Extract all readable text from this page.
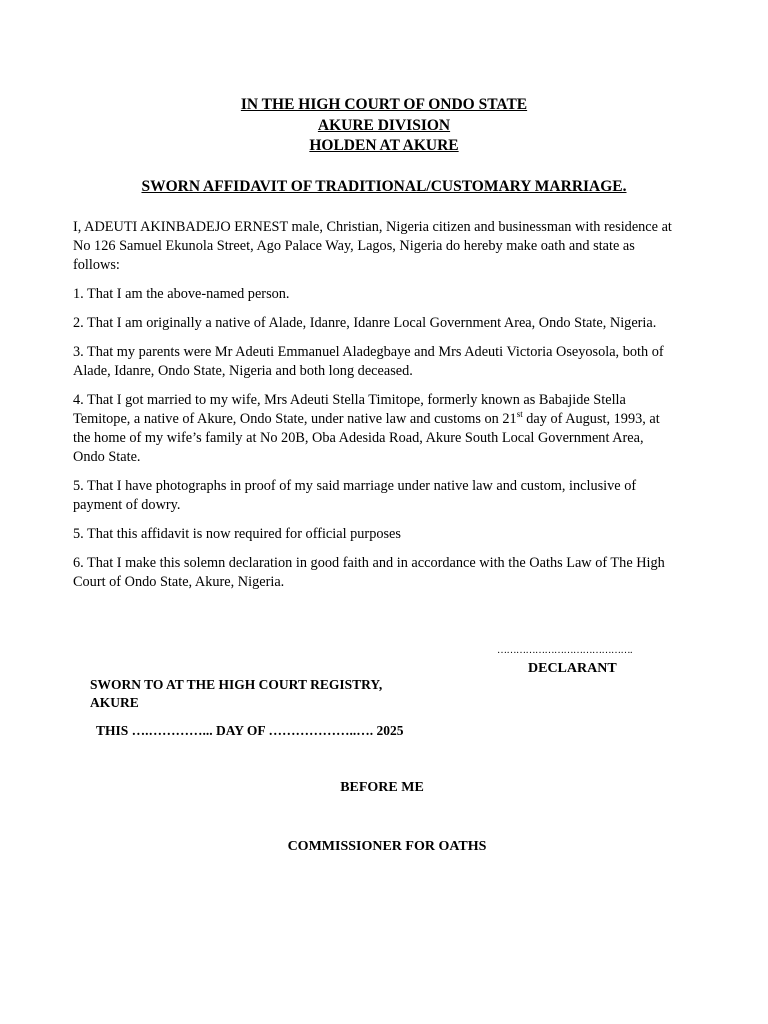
IN THE HIGH COURT OF ONDO STATE
AKURE DIVISION
HOLDEN AT AKURE
SWORN AFFIDAVIT OF TRADITIONAL/CUSTOMARY MARRIAGE.

I, ADEUTI AKINBADEJO ERNEST male, Christian, Nigeria citizen and businessman with residence at No 126 Samuel Ekunola Street, Ago Palace Way, Lagos, Nigeria do hereby make oath and state as follows:

1. That I am the above-named person.

2. That I am originally a native of Alade, Idanre, Idanre Local Government Area, Ondo State, Nigeria.

3. That my parents were Mr Adeuti Emmanuel Aladegbaye and Mrs Adeuti Victoria Oseyosola, both of Alade, Idanre, Ondo State, Nigeria and both long deceased.

4. That I got married to my wife, Mrs Adeuti Stella Timitope, formerly known as Babajide Stella Temitope, a native of Akure, Ondo State, under native law and customs on 21st day of August, 1993, at the home of my wife’s family at No 20B, Oba Adesida Road, Akure South Local Government Area, Ondo State.

5. That I have photographs in proof of my said marriage under native law and custom, inclusive of payment of dowry.

5. That this affidavit is now required for official purposes

6. That I make this solemn declaration in good faith and in accordance with the Oaths Law of The High Court of Ondo State, Akure, Nigeria.

…………………………………….
DECLARANT
SWORN TO AT THE HIGH COURT REGISTRY, AKURE
THIS ….…………... DAY OF ………………..…. 2025
BEFORE ME
COMMISSIONER FOR OATHS
